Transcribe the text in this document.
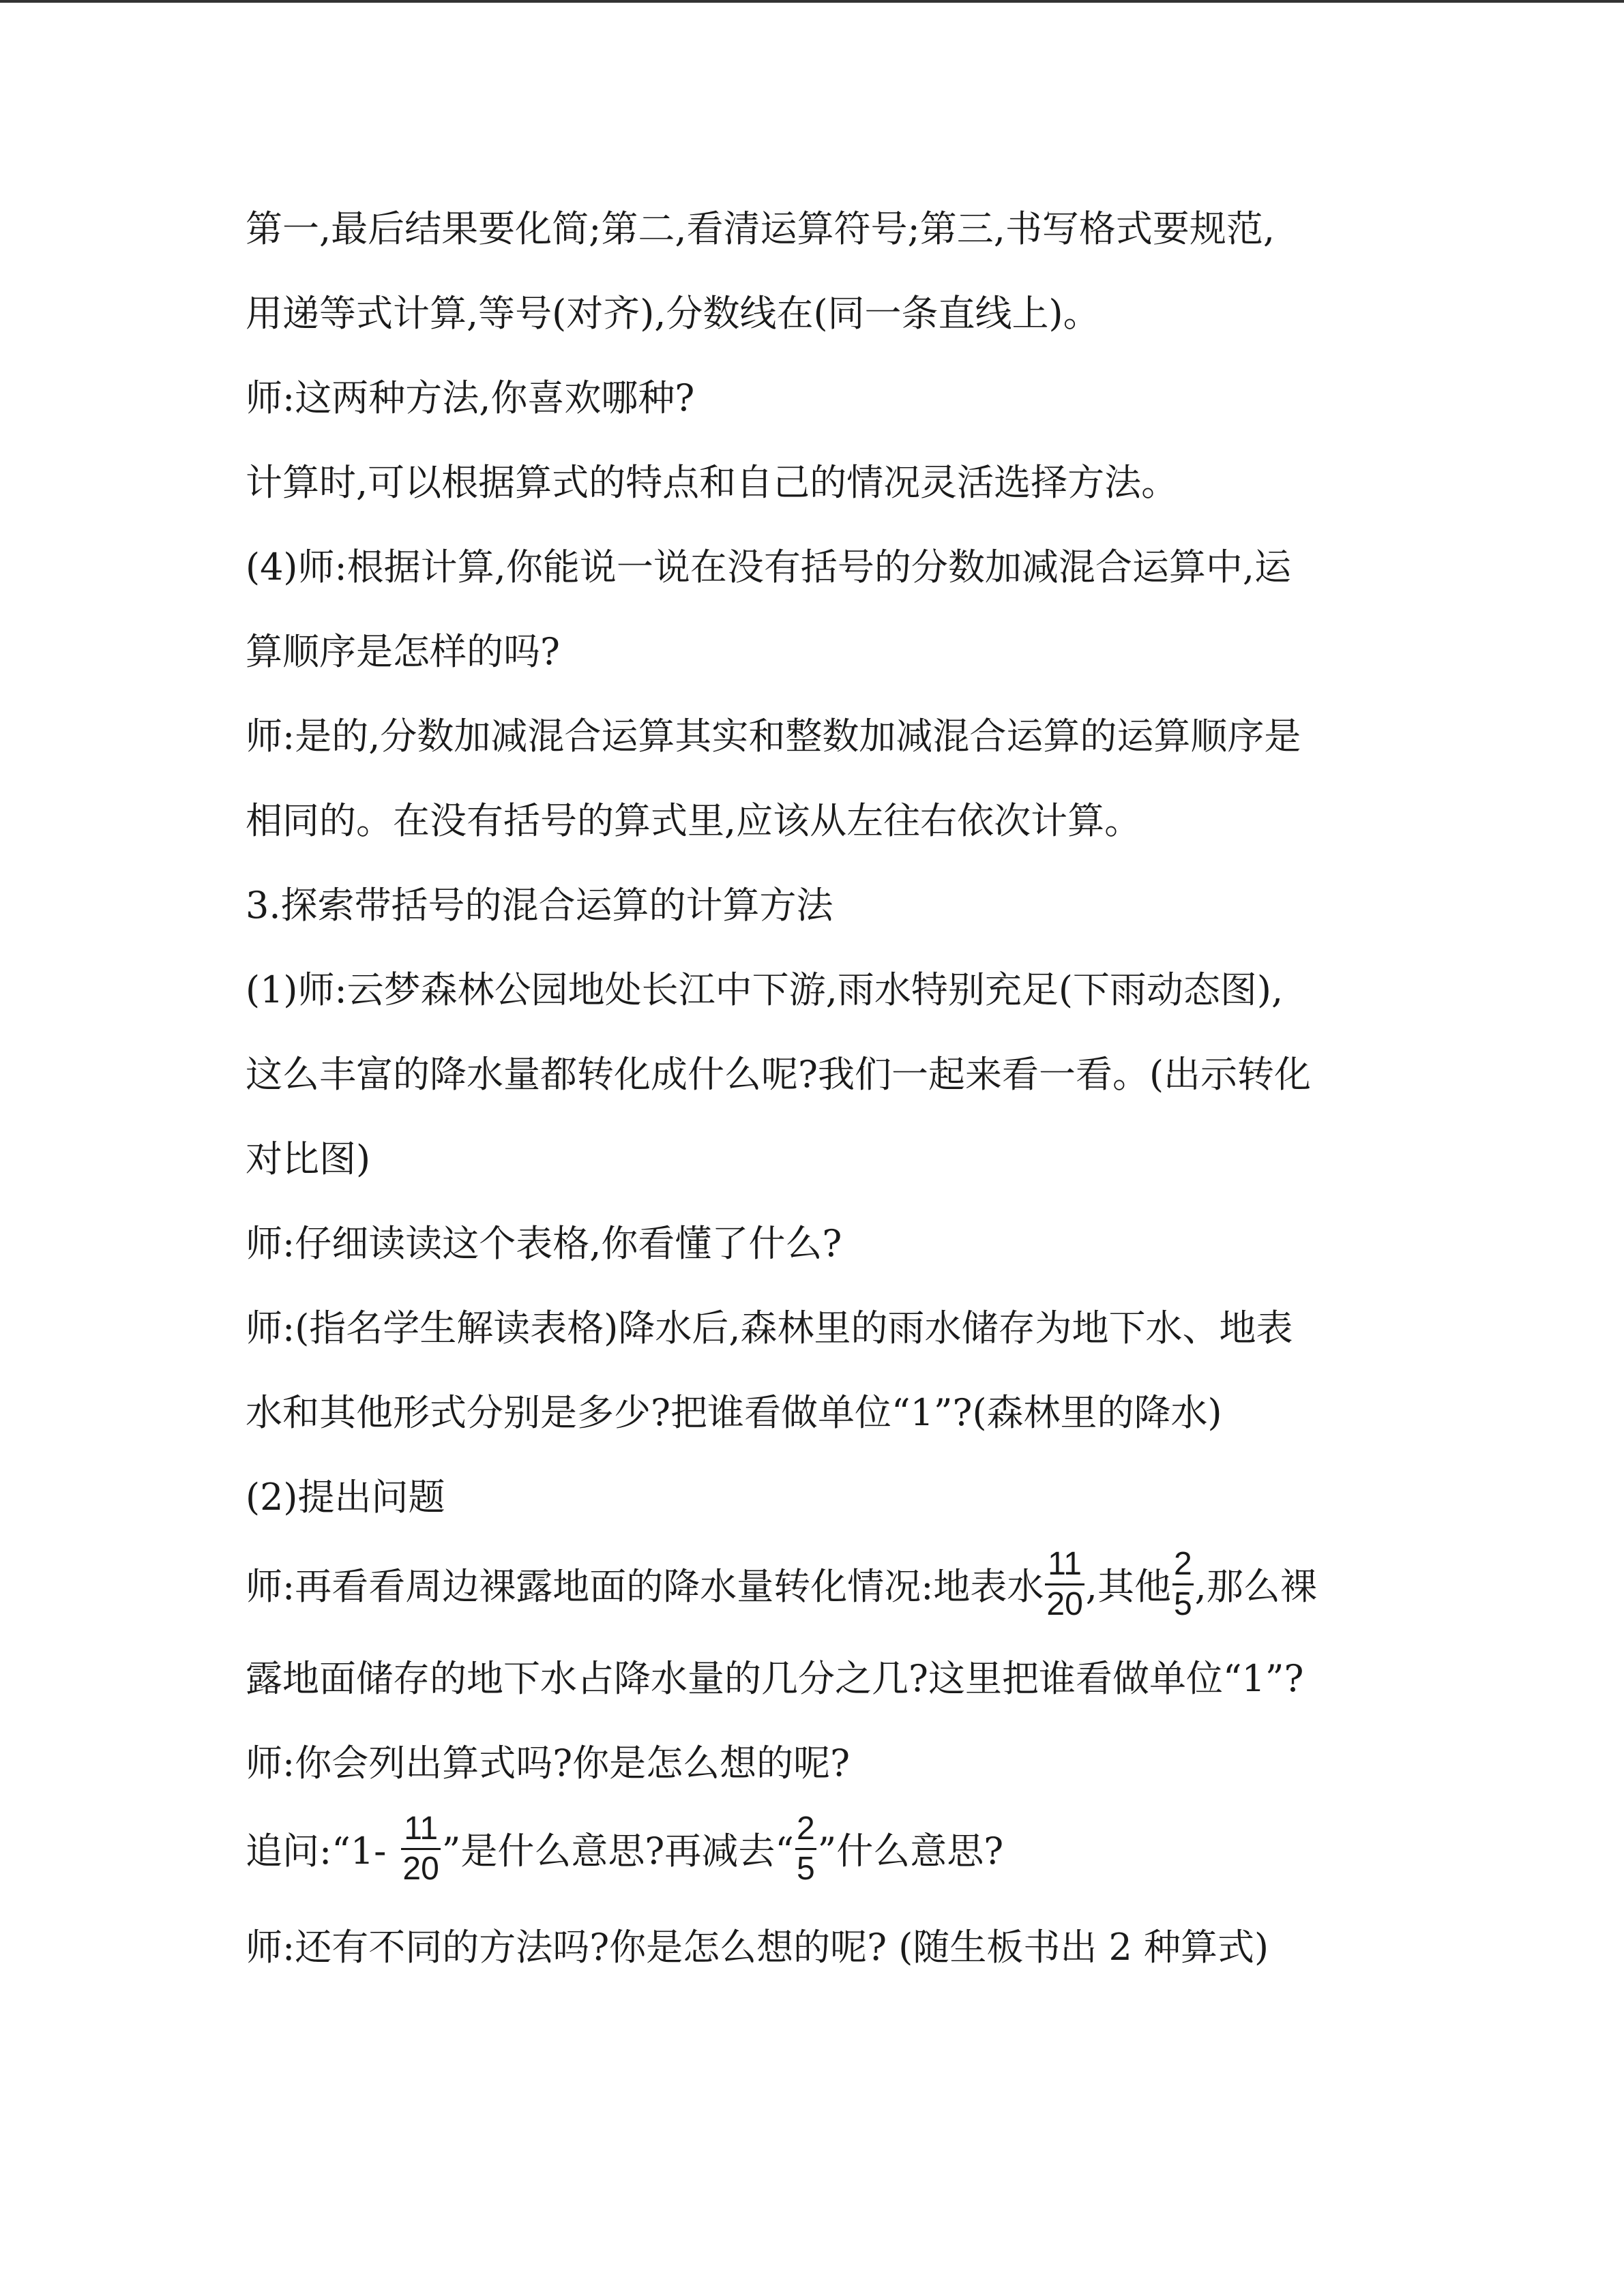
第一,最后结果要化简;第二,看清运算符号;第三,书写格式要规范,
用递等式计算,等号(对齐),分数线在(同一条直线上)。
师:这两种方法,你喜欢哪种?
计算时,可以根据算式的特点和自己的情况灵活选择方法。
(4)师:根据计算,你能说一说在没有括号的分数加减混合运算中,运
算顺序是怎样的吗?
师:是的,分数加减混合运算其实和整数加减混合运算的运算顺序是
相同的。在没有括号的算式里,应该从左往右依次计算。
3.探索带括号的混合运算的计算方法
(1)师:云梦森林公园地处长江中下游,雨水特别充足(下雨动态图),
这么丰富的降水量都转化成什么呢?我们一起来看一看。(出示转化
对比图)
师:仔细读读这个表格,你看懂了什么?
师:(指名学生解读表格)降水后,森林里的雨水储存为地下水、地表
水和其他形式分别是多少?把谁看做单位“1”?(森林里的降水)
(2)提出问题
师:再看看周边裸露地面的降水量转化情况:地表水 $\frac{11}{20}$ ,其他 $\frac{2}{5}$ ,那么裸
露地面储存的地下水占降水量的几分之几?这里把谁看做单位“1”?
师:你会列出算式吗?你是怎么想的呢?
追问:“1- $\frac{11}{20}$ ”是什么意思?再减去“ $\frac{2}{5}$ ”什么意思?
师:还有不同的方法吗?你是怎么想的呢? (随生板书出 2 种算式)
